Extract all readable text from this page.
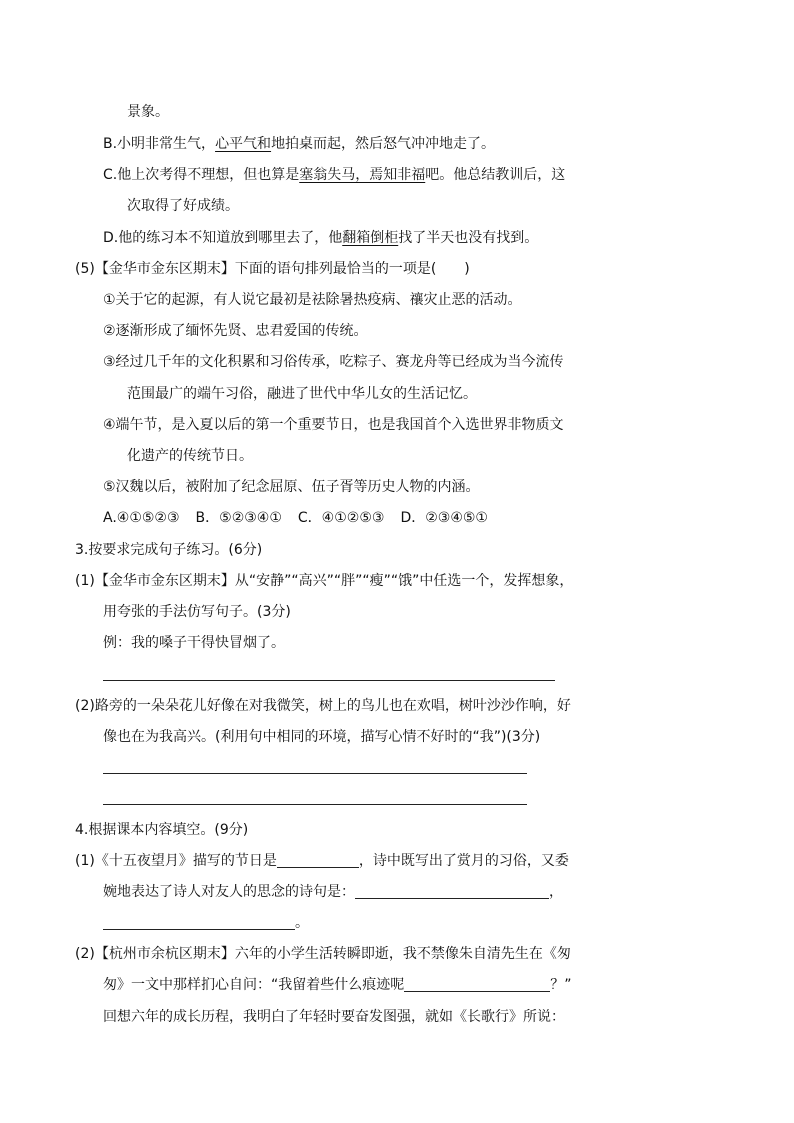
景象。
B.小明非常生气，心平气和地拍桌而起，然后怒气冲冲地走了。
C.他上次考得不理想，但也算是塞翁失马，焉知非福吧。他总结教训后，这
次取得了好成绩。
D.他的练习本不知道放到哪里去了，他翻箱倒柜找了半天也没有找到。
(5)【金华市金东区期末】下面的语句排列最恰当的一项是(　　)
①关于它的起源，有人说它最初是祛除暑热疫病、禳灾止恶的活动。
②逐渐形成了缅怀先贤、忠君爱国的传统。
③经过几千年的文化积累和习俗传承，吃粽子、赛龙舟等已经成为当今流传
范围最广的端午习俗，融进了世代中华儿女的生活记忆。
④端午节，是入夏以后的第一个重要节日，也是我国首个入选世界非物质文
化遗产的传统节日。
⑤汉魏以后，被附加了纪念屈原、伍子胥等历史人物的内涵。
A.④①⑤②③ B．⑤②③④① C．④①②⑤③ D．②③④⑤①
3.按要求完成句子练习。(6分)
(1)【金华市金东区期末】从“安静”“高兴”“胖”“瘦”“饿”中任选一个，发挥想象，
用夸张的手法仿写句子。(3分)
例：我的嗓子干得快冒烟了。
(2)路旁的一朵朵花儿好像在对我微笑，树上的鸟儿也在欢唱，树叶沙沙作响，好
像也在为我高兴。(利用句中相同的环境，描写心情不好时的“我”)(3分)
4.根据课本内容填空。(9分)
(1)《十五夜望月》描写的节日是	，诗中既写出了赏月的习俗，又委
婉地表达了诗人对友人的思念的诗句是：	，
。
(2)【杭州市余杭区期末】六年的小学生活转瞬即逝，我不禁像朱自清先生在《匆
匆》一文中那样扪心自问：“我留着些什么痕迹呢	？”
回想六年的成长历程，我明白了年轻时要奋发图强，就如《长歌行》所说：
